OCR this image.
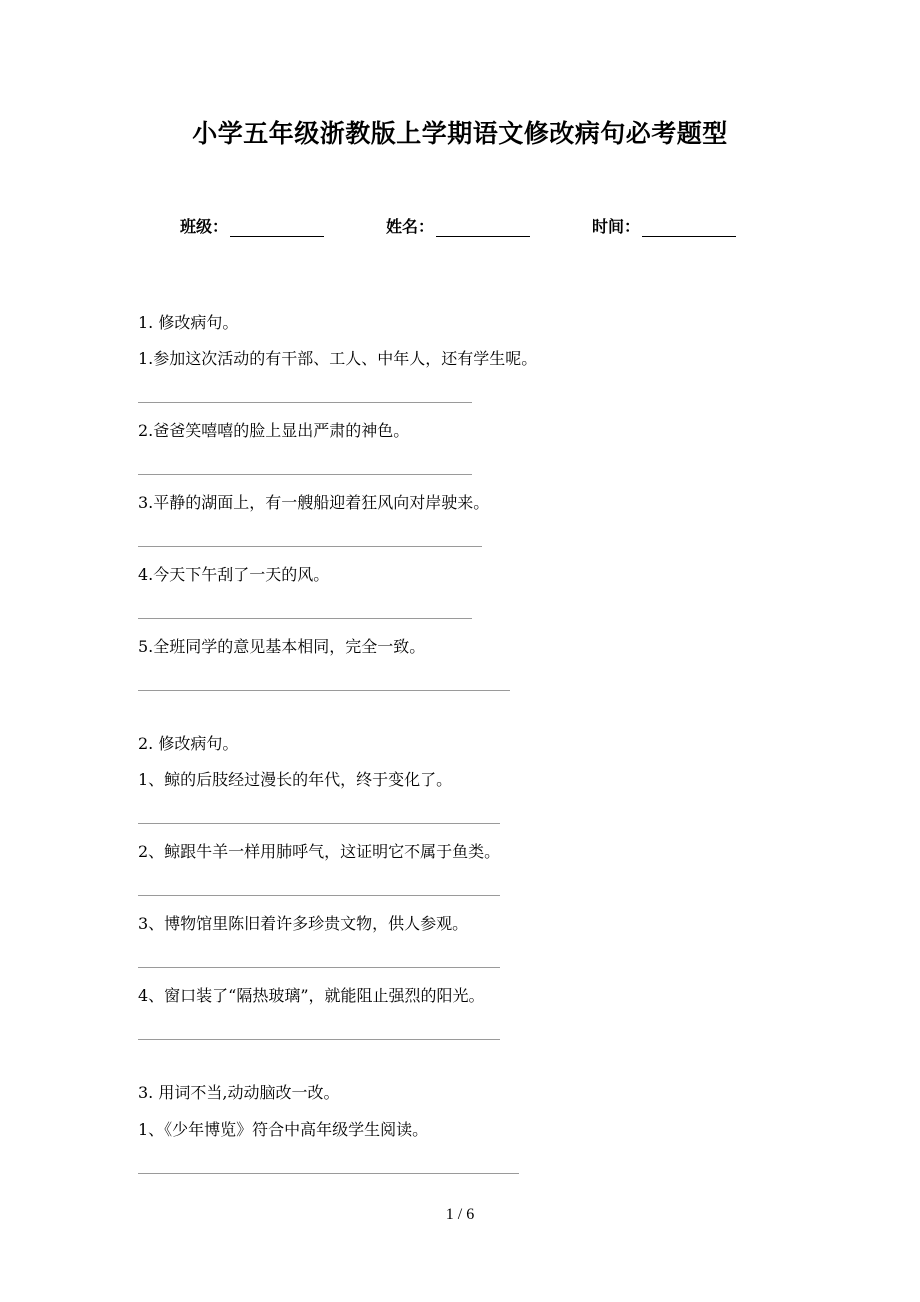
小学五年级浙教版上学期语文修改病句必考题型
班级：	姓名：	时间：
1. 修改病句。
1.参加这次活动的有干部、工人、中年人，还有学生呢。
2.爸爸笑嘻嘻的脸上显出严肃的神色。
3.平静的湖面上，有一艘船迎着狂风向对岸驶来。
4.今天下午刮了一天的风。
5.全班同学的意见基本相同，完全一致。
2. 修改病句。
1、鲸的后肢经过漫长的年代，终于变化了。
2、鲸跟牛羊一样用肺呼气，这证明它不属于鱼类。
3、博物馆里陈旧着许多珍贵文物，供人参观。
4、窗口装了“隔热玻璃”，就能阻止强烈的阳光。
3. 用词不当,动动脑改一改。
1、《少年博览》符合中高年级学生阅读。
1 / 6
